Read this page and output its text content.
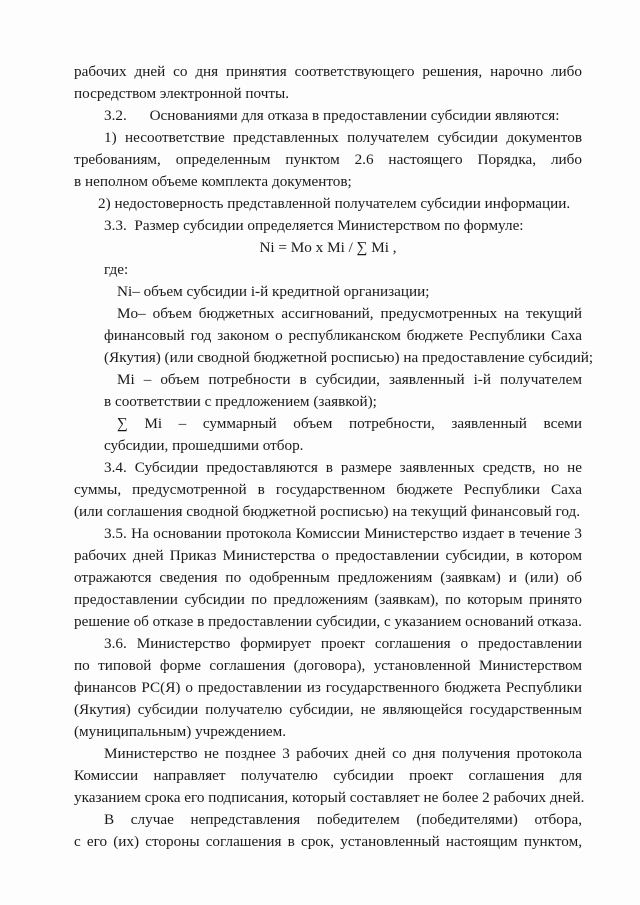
рабочих дней со дня принятия соответствующего решения, нарочно либо
посредством электронной почты.
3.2.      Основаниями для отказа в предоставлении субсидии являются:
1) несоответствие представленных получателем субсидии документов
требованиям, определенным пунктом 2.6 настоящего Порядка, либо
в неполном объеме комплекта документов;
2) недостоверность представленной получателем субсидии информации.
3.3.  Размер субсидии определяется Министерством по формуле:
Ni = Mo x Mi / ∑ Mi ,
где:
Ni– объем субсидии i-й кредитной организации;
Mo– объем бюджетных ассигнований, предусмотренных на текущий
финансовый год законом о республиканском бюджете Республики Саха
(Якутия) (или сводной бюджетной росписью) на предоставление субсидий;
Mi – объем потребности в субсидии, заявленный i-й получателем
в соответствии с предложением (заявкой);
∑ Mi – суммарный объем потребности, заявленный всеми
субсидии, прошедшими отбор.
3.4. Субсидии предоставляются в размере заявленных средств, но не
суммы, предусмотренной в государственном бюджете Республики Саха
(или соглашения сводной бюджетной росписью) на текущий финансовый год.
3.5. На основании протокола Комиссии Министерство издает в течение 3
рабочих дней Приказ Министерства о предоставлении субсидии, в котором
отражаются сведения по одобренным предложениям (заявкам) и (или) об
предоставлении субсидии по предложениям (заявкам), по которым принято
решение об отказе в предоставлении субсидии, с указанием оснований отказа.
3.6. Министерство формирует проект соглашения о предоставлении
по типовой форме соглашения (договора), установленной Министерством
финансов РС(Я) о предоставлении из государственного бюджета Республики
(Якутия) субсидии получателю субсидии, не являющейся государственным
(муниципальным) учреждением.
Министерство не позднее 3 рабочих дней со дня получения протокола
Комиссии направляет получателю субсидии проект соглашения для
указанием срока его подписания, который составляет не более 2 рабочих дней.
В случае непредставления победителем (победителями) отбора,
с его (их) стороны соглашения в срок, установленный настоящим пунктом,
